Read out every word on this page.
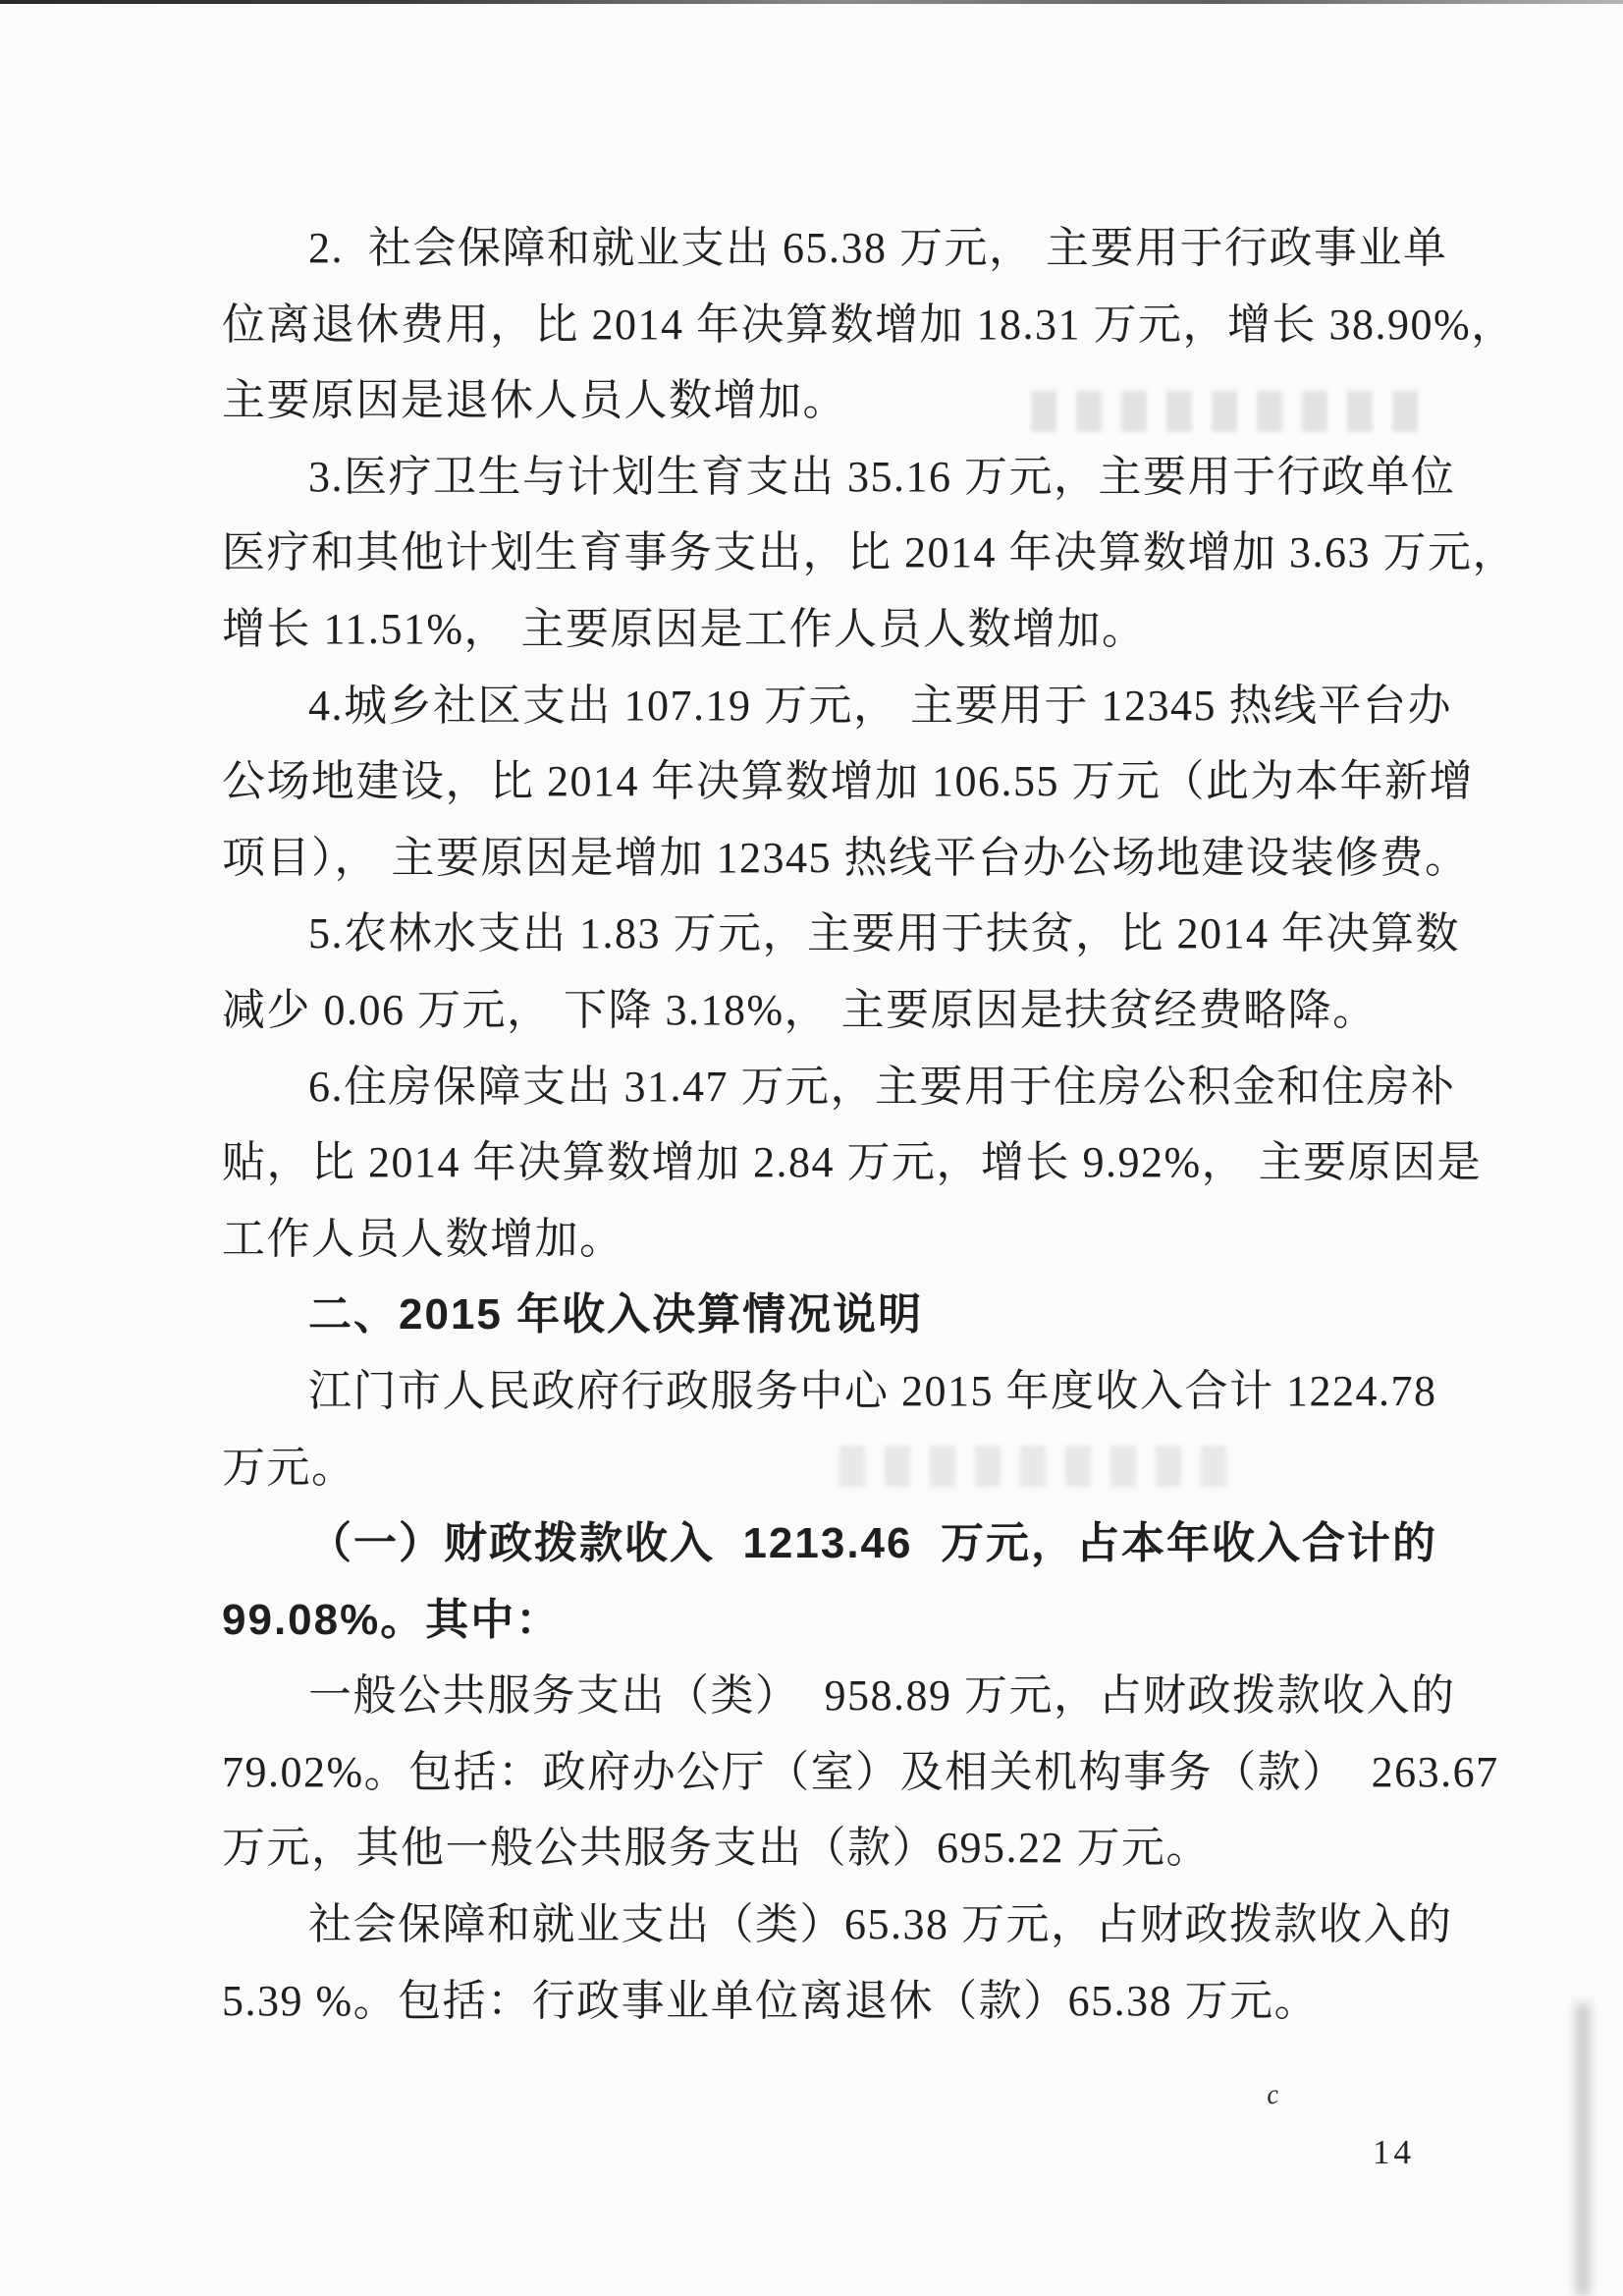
2.  社会保障和就业支出 65.38 万元， 主要用于行政事业单
位离退休费用，比 2014 年决算数增加 18.31 万元，增长 38.90%，
主要原因是退休人员人数增加。
3.医疗卫生与计划生育支出 35.16 万元，主要用于行政单位
医疗和其他计划生育事务支出，比 2014 年决算数增加 3.63 万元，
增长 11.51%， 主要原因是工作人员人数增加。
4.城乡社区支出 107.19 万元， 主要用于 12345 热线平台办
公场地建设，比 2014 年决算数增加 106.55 万元（此为本年新增
项目）， 主要原因是增加 12345 热线平台办公场地建设装修费。
5.农林水支出 1.83 万元，主要用于扶贫，比 2014 年决算数
减少 0.06 万元， 下降 3.18%， 主要原因是扶贫经费略降。
6.住房保障支出 31.47 万元，主要用于住房公积金和住房补
贴，比 2014 年决算数增加 2.84 万元，增长 9.92%， 主要原因是
工作人员人数增加。
二、2015 年收入决算情况说明
江门市人民政府行政服务中心 2015 年度收入合计 1224.78
万元。
（一）财政拨款收入  1213.46  万元，占本年收入合计的
99.08%。其中：
一般公共服务支出（类）  958.89 万元，占财政拨款收入的
79.02%。包括：政府办公厅（室）及相关机构事务（款）  263.67
万元，其他一般公共服务支出（款）695.22 万元。
社会保障和就业支出（类）65.38 万元，占财政拨款收入的
5.39 %。包括：行政事业单位离退休（款）65.38 万元。
c
14
